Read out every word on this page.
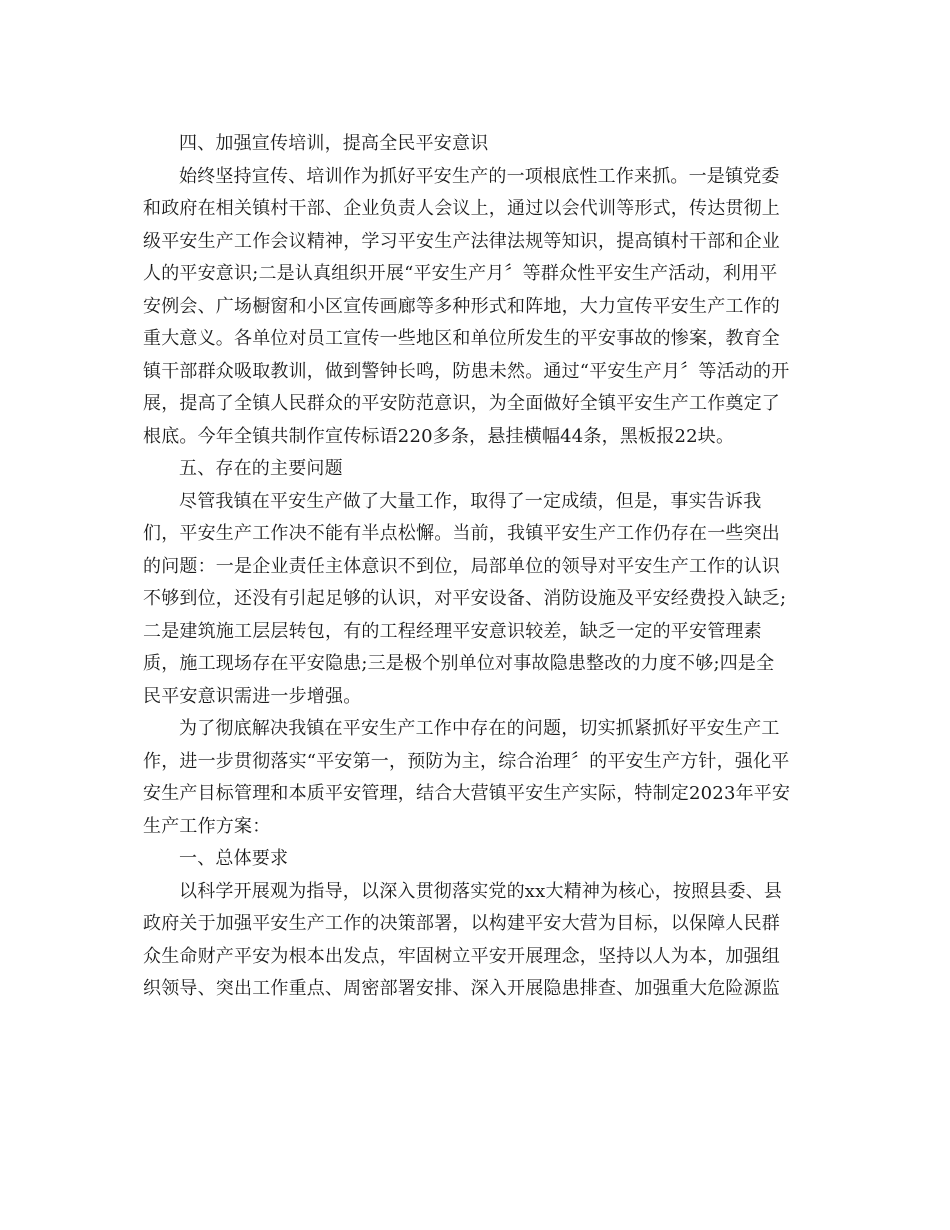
四、加强宣传培训，提高全民平安意识
始终坚持宣传、培训作为抓好平安生产的一项根底性工作来抓。一是镇党委
和政府在相关镇村干部、企业负责人会议上，通过以会代训等形式，传达贯彻上
级平安生产工作会议精神，学习平安生产法律法规等知识，提高镇村干部和企业
人的平安意识;二是认真组织开展“平安生产月〞等群众性平安生产活动，利用平
安例会、广场橱窗和小区宣传画廊等多种形式和阵地，大力宣传平安生产工作的
重大意义。各单位对员工宣传一些地区和单位所发生的平安事故的惨案，教育全
镇干部群众吸取教训，做到警钟长鸣，防患未然。通过“平安生产月〞等活动的开
展，提高了全镇人民群众的平安防范意识，为全面做好全镇平安生产工作奠定了
根底。今年全镇共制作宣传标语220多条，悬挂横幅44条，黑板报22块。
五、存在的主要问题
尽管我镇在平安生产做了大量工作，取得了一定成绩，但是，事实告诉我
们，平安生产工作决不能有半点松懈。当前，我镇平安生产工作仍存在一些突出
的问题：一是企业责任主体意识不到位，局部单位的领导对平安生产工作的认识
不够到位，还没有引起足够的认识，对平安设备、消防设施及平安经费投入缺乏;
二是建筑施工层层转包，有的工程经理平安意识较差，缺乏一定的平安管理素
质，施工现场存在平安隐患;三是极个别单位对事故隐患整改的力度不够;四是全
民平安意识需进一步增强。
为了彻底解决我镇在平安生产工作中存在的问题，切实抓紧抓好平安生产工
作，进一步贯彻落实“平安第一，预防为主，综合治理〞的平安生产方针，强化平
安生产目标管理和本质平安管理，结合大营镇平安生产实际，特制定2023年平安
生产工作方案：
一、总体要求
以科学开展观为指导，以深入贯彻落实党的xx大精神为核心，按照县委、县
政府关于加强平安生产工作的决策部署，以构建平安大营为目标，以保障人民群
众生命财产平安为根本出发点，牢固树立平安开展理念，坚持以人为本，加强组
织领导、突出工作重点、周密部署安排、深入开展隐患排查、加强重大危险源监
